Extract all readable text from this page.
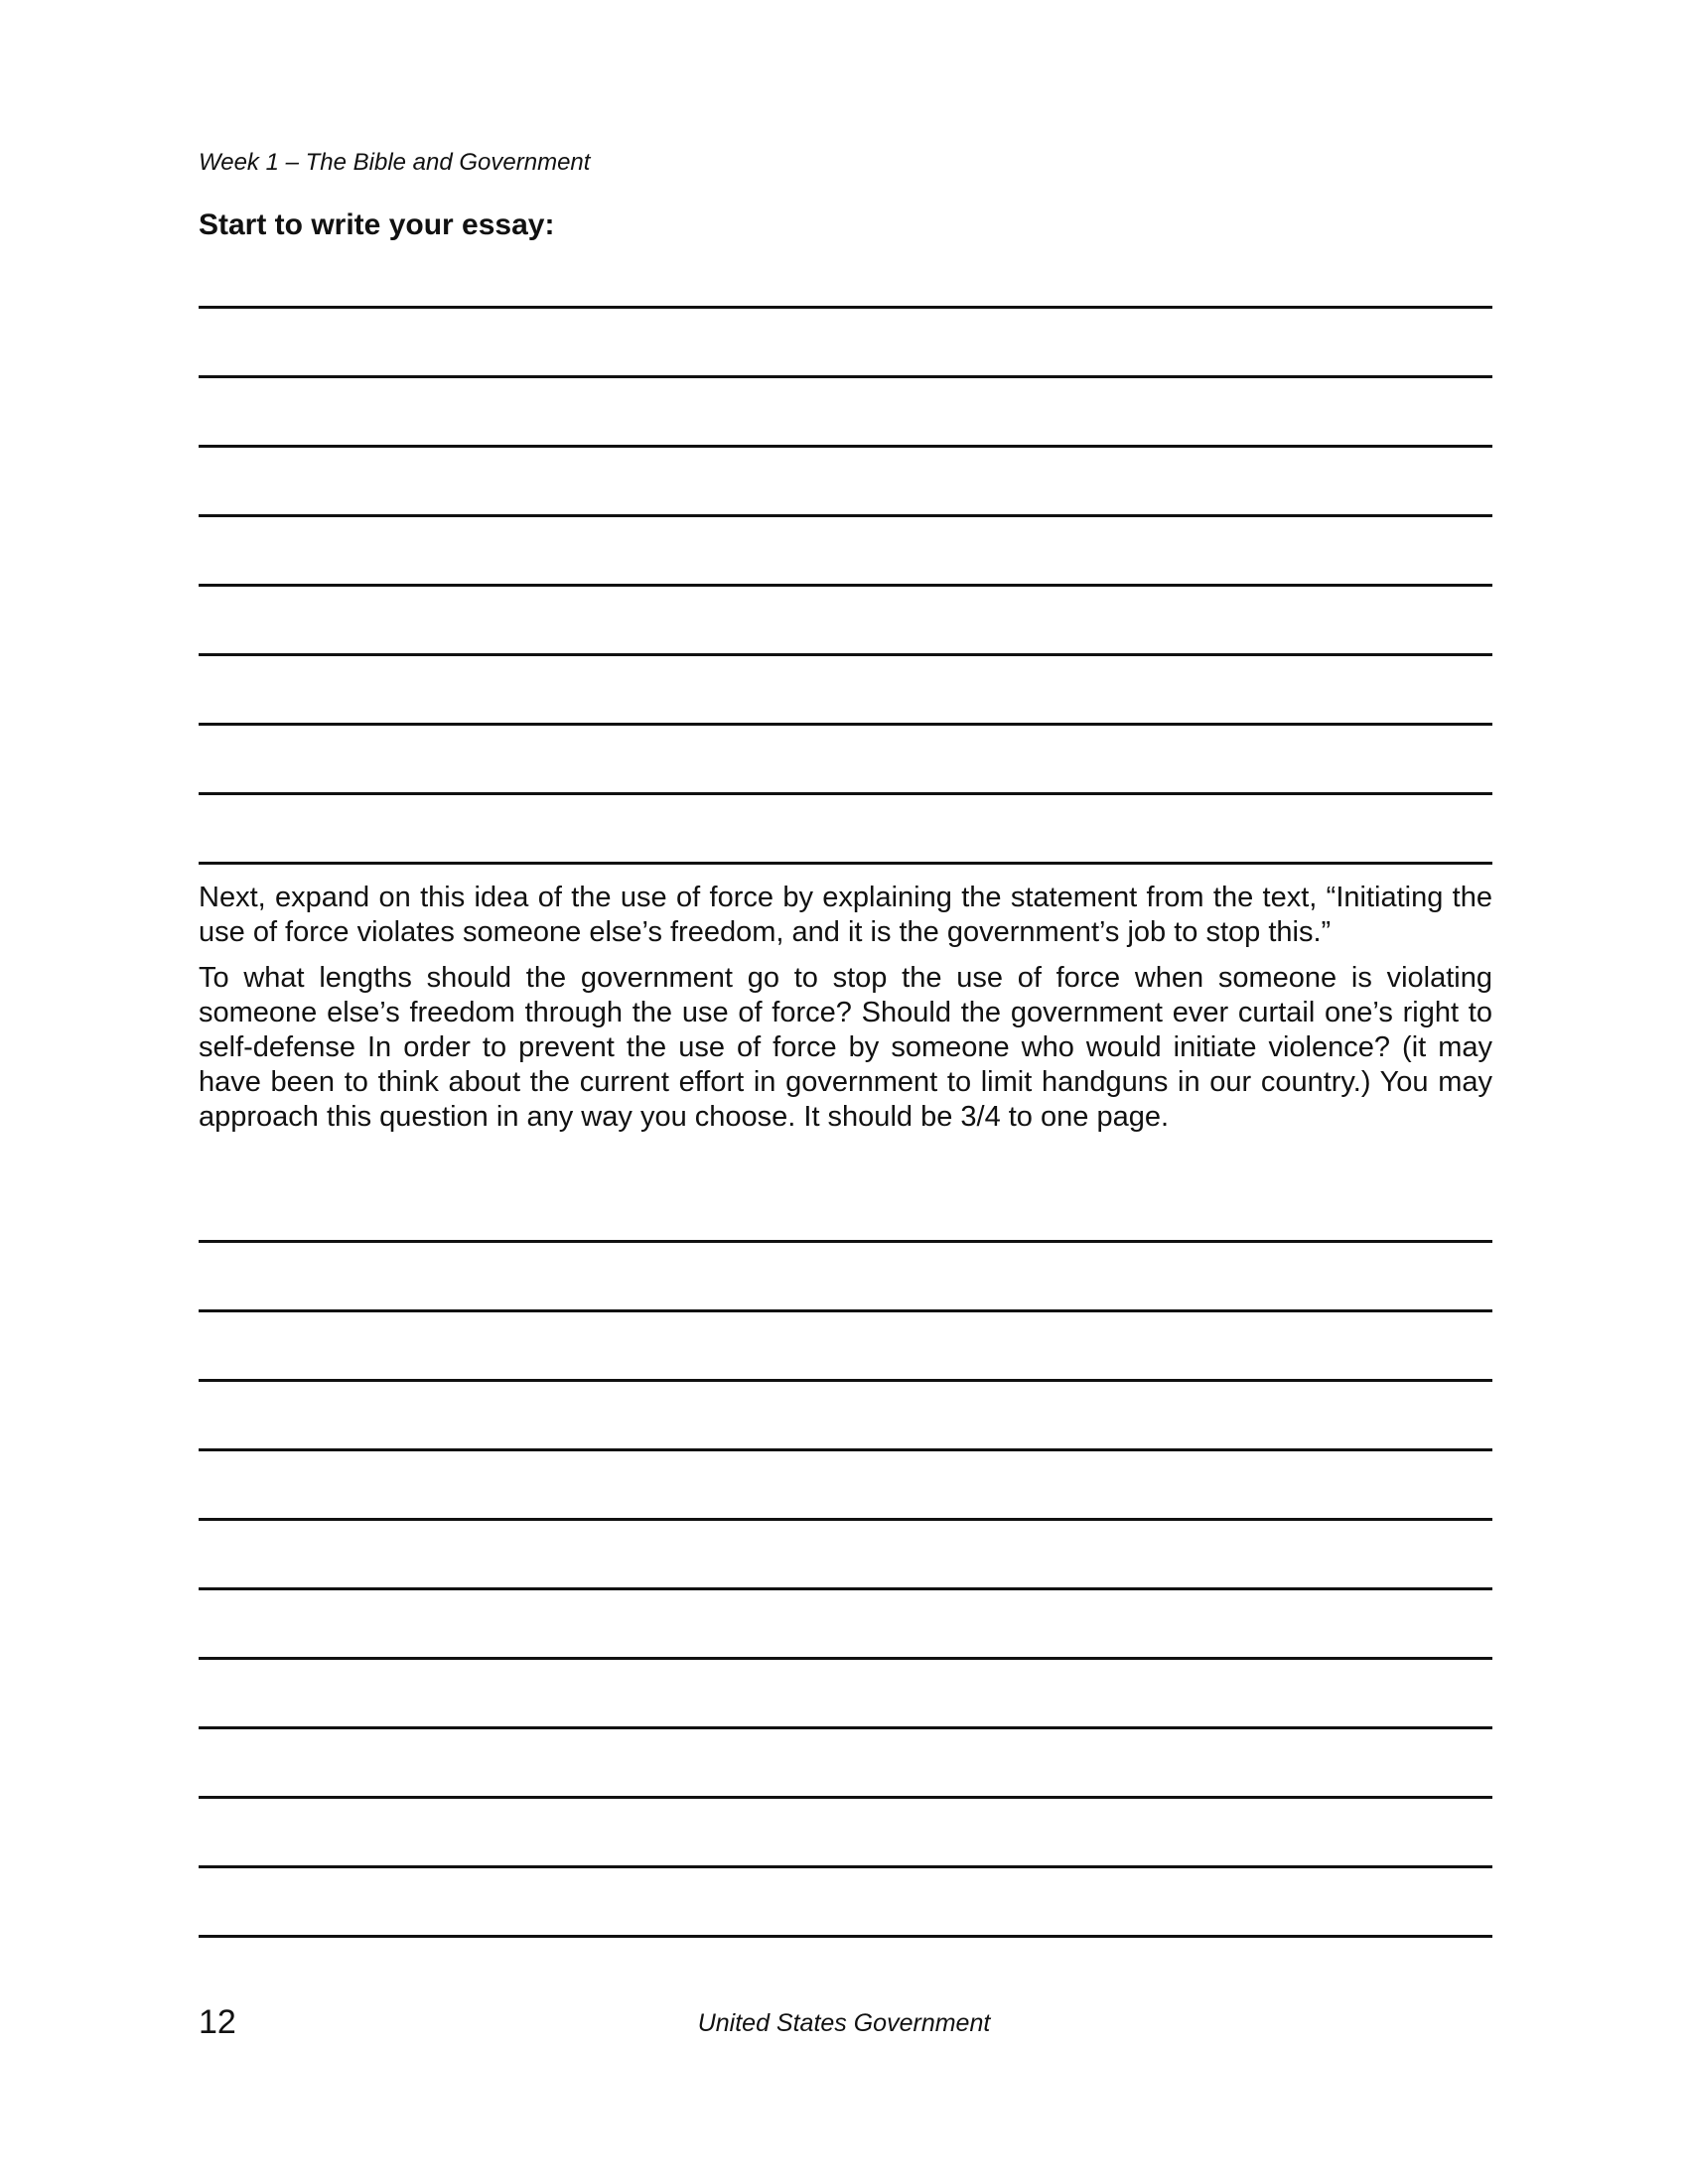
Week 1 – The Bible and Government

Start to write your essay:

Next, expand on this idea of the use of force by explaining the statement from the text, “Initiating the use of force violates someone else’s freedom, and it is the government’s job to stop this.”

To what lengths should the government go to stop the use of force when someone is violating someone else’s freedom through the use of force? Should the government ever curtail one’s right to self-defense In order to prevent the use of force by someone who would initiate violence? (it may have been to think about the current effort in government to limit handguns in our country.) You may approach this question in any way you choose. It should be 3/4 to one page.

12	United States Government
